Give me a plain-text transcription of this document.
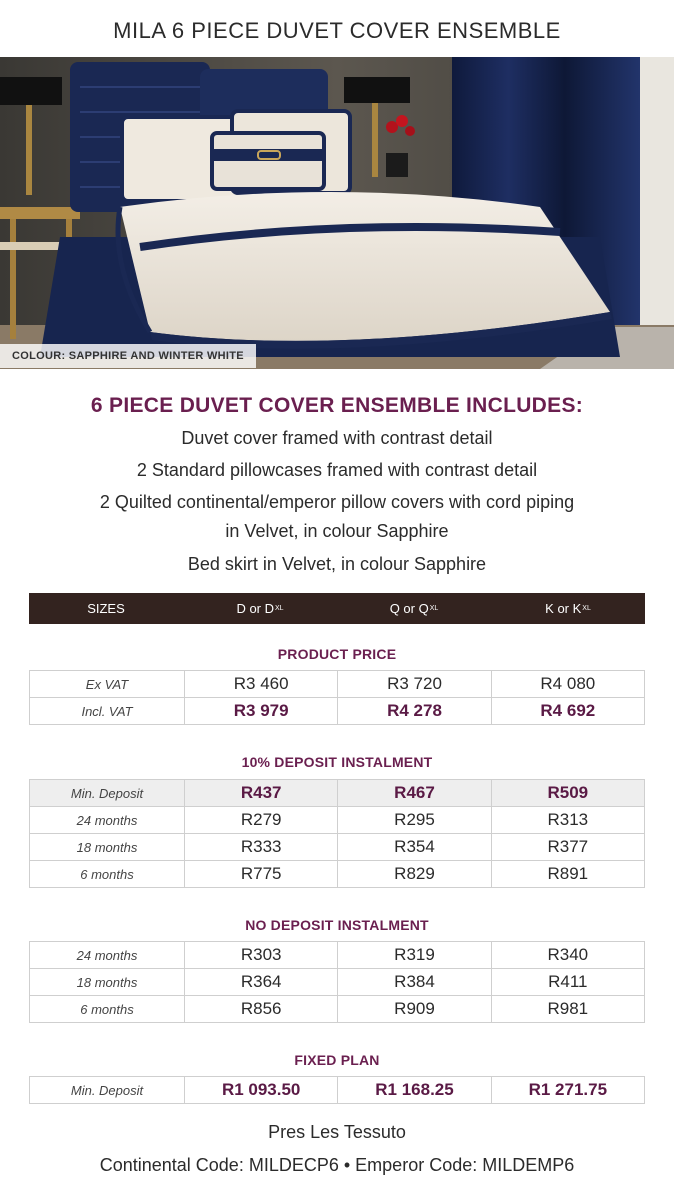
MILA 6 PIECE DUVET COVER ENSEMBLE
COLOUR: SAPPHIRE AND WINTER WHITE
6 PIECE DUVET COVER ENSEMBLE INCLUDES:
Duvet cover framed with contrast detail
2 Standard pillowcases framed with contrast detail
2 Quilted continental/emperor pillow covers with cord piping
in Velvet, in colour Sapphire
Bed skirt in Velvet, in colour Sapphire
SIZES	D or D XL	Q or Q XL	K or K XL
PRODUCT PRICE
Ex VAT	R3 460	R3 720	R4 080
Incl. VAT	R3 979	R4 278	R4 692
10% DEPOSIT INSTALMENT
Min. Deposit	R437	R467	R509
24 months	R279	R295	R313
18 months	R333	R354	R377
6 months	R775	R829	R891
NO DEPOSIT INSTALMENT
24 months	R303	R319	R340
18 months	R364	R384	R411
6 months	R856	R909	R981
FIXED PLAN
Min. Deposit	R1 093.50	R1 168.25	R1 271.75
Pres Les Tessuto
Continental Code: MILDECP6 • Emperor Code: MILDEMP6
